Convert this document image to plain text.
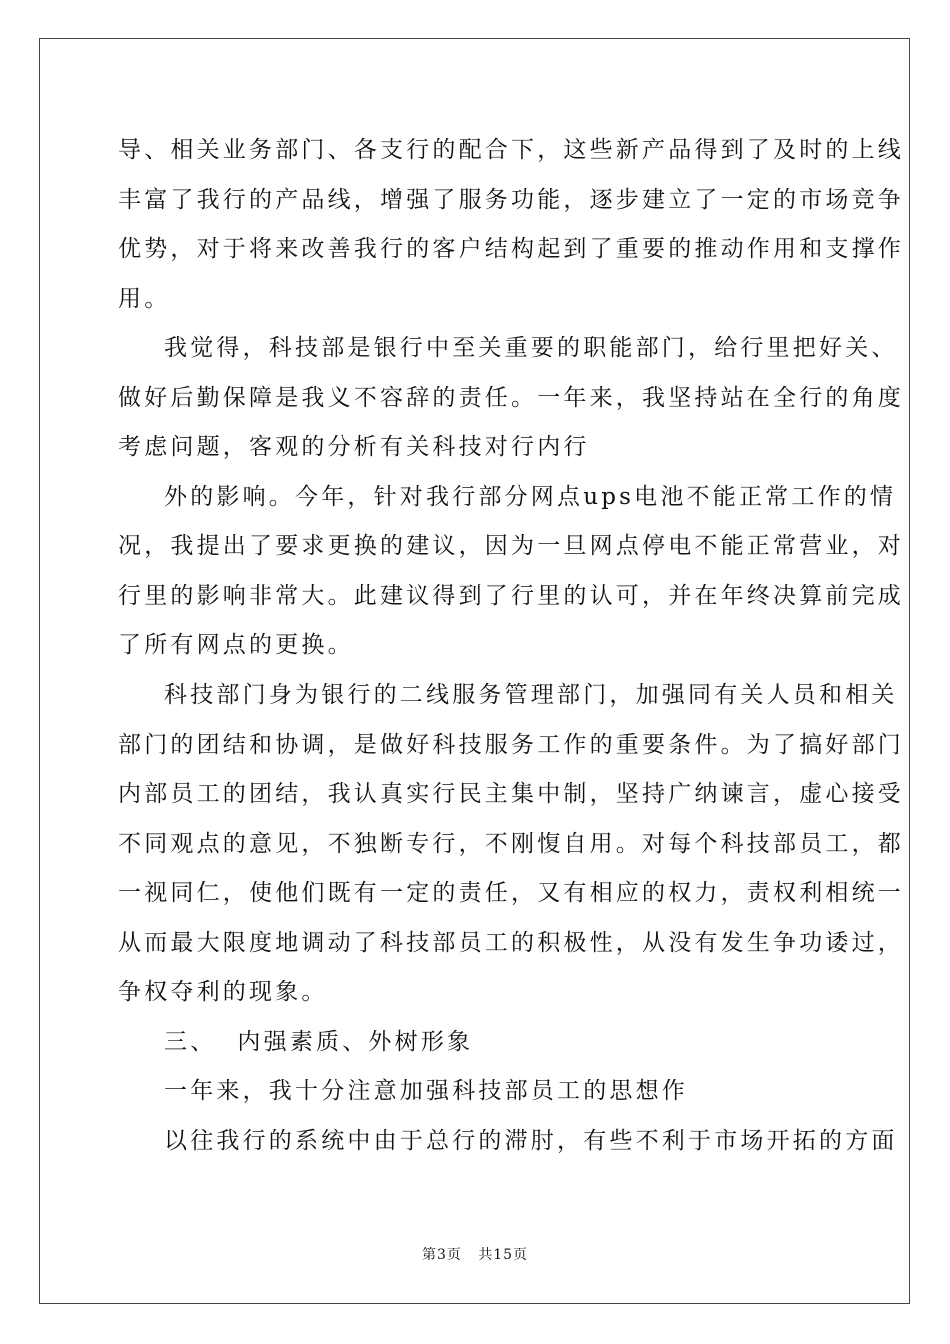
导、相关业务部门、各支行的配合下，这些新产品得到了及时的上线
丰富了我行的产品线，增强了服务功能，逐步建立了一定的市场竞争
优势，对于将来改善我行的客户结构起到了重要的推动作用和支撑作
用。
我觉得，科技部是银行中至关重要的职能部门，给行里把好关、
做好后勤保障是我义不容辞的责任。一年来，我坚持站在全行的角度
考虑问题，客观的分析有关科技对行内行
外的影响。今年，针对我行部分网点ups电池不能正常工作的情
况，我提出了要求更换的建议，因为一旦网点停电不能正常营业，对
行里的影响非常大。此建议得到了行里的认可，并在年终决算前完成
了所有网点的更换。
科技部门身为银行的二线服务管理部门，加强同有关人员和相关
部门的团结和协调，是做好科技服务工作的重要条件。为了搞好部门
内部员工的团结，我认真实行民主集中制，坚持广纳谏言，虚心接受
不同观点的意见，不独断专行，不刚愎自用。对每个科技部员工，都
一视同仁，使他们既有一定的责任，又有相应的权力，责权利相统一
从而最大限度地调动了科技部员工的积极性，从没有发生争功诿过，
争权夺利的现象。
三、  内强素质、外树形象
一年来，我十分注意加强科技部员工的思想作
以往我行的系统中由于总行的滞肘，有些不利于市场开拓的方面
第3页   共15页
